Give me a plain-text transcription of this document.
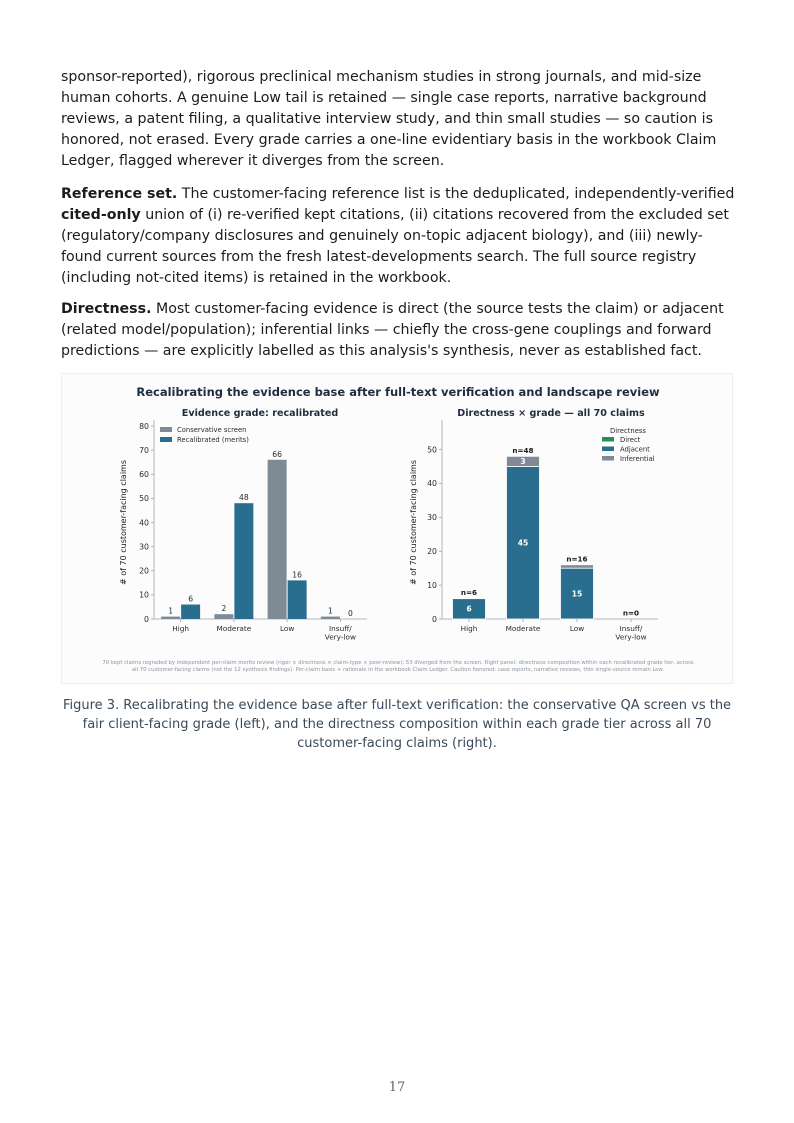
sponsor-reported), rigorous preclinical mechanism studies in strong journals, and mid-size human cohorts. A genuine Low tail is retained — single case reports, narrative background reviews, a patent filing, a qualitative interview study, and thin small studies — so caution is honored, not erased. Every grade carries a one-line evidentiary basis in the workbook Claim Ledger, flagged wherever it diverges from the screen.

Reference set. The customer-facing reference list is the deduplicated, independently-verified cited-only union of (i) re-verified kept citations, (ii) citations recovered from the excluded set (regulatory/company disclosures and genuinely on-topic adjacent biology), and (iii) newly-found current sources from the fresh latest-developments search. The full source registry (including not-cited items) is retained in the workbook.

Directness. Most customer-facing evidence is direct (the source tests the claim) or adjacent (related model/population); inferential links — chiefly the cross-gene couplings and forward predictions — are explicitly labelled as this analysis's synthesis, never as established fact.

Recalibrating the evidence base after full-text verification and landscape review
Evidence grade: recalibrated
0
10
20
30
40
50
60
70
80
# of 70 customer-facing claims
1
6
High
2
48
Moderate
66
16
Low
1 0
Insuff/ Very-low
Conservative screen
Recalibrated (merits)
Directness × grade — all 70 claims
0
10
20
30
40
50
# of 70 customer-facing claims
6
n=6
High
45
3
n=48
Moderate
15
n=16
Low
n=0
Insuff/ Very-low
Directness
Direct
Adjacent
Inferential
70 kept claims regraded by independent per-claim merits review (rigor × directness × claim-type × peer-review); 53 diverged from the screen. Right panel: directness composition within each recalibrated grade tier, across
all 70 customer-facing claims (not the 12 synthesis findings). Per-claim basis + rationale in the workbook Claim Ledger. Caution honored: case reports, narrative reviews, thin single-source remain Low.

Figure 3. Recalibrating the evidence base after full-text verification: the conservative QA screen vs the fair client-facing grade (left), and the directness composition within each grade tier across all 70 customer-facing claims (right).

17
